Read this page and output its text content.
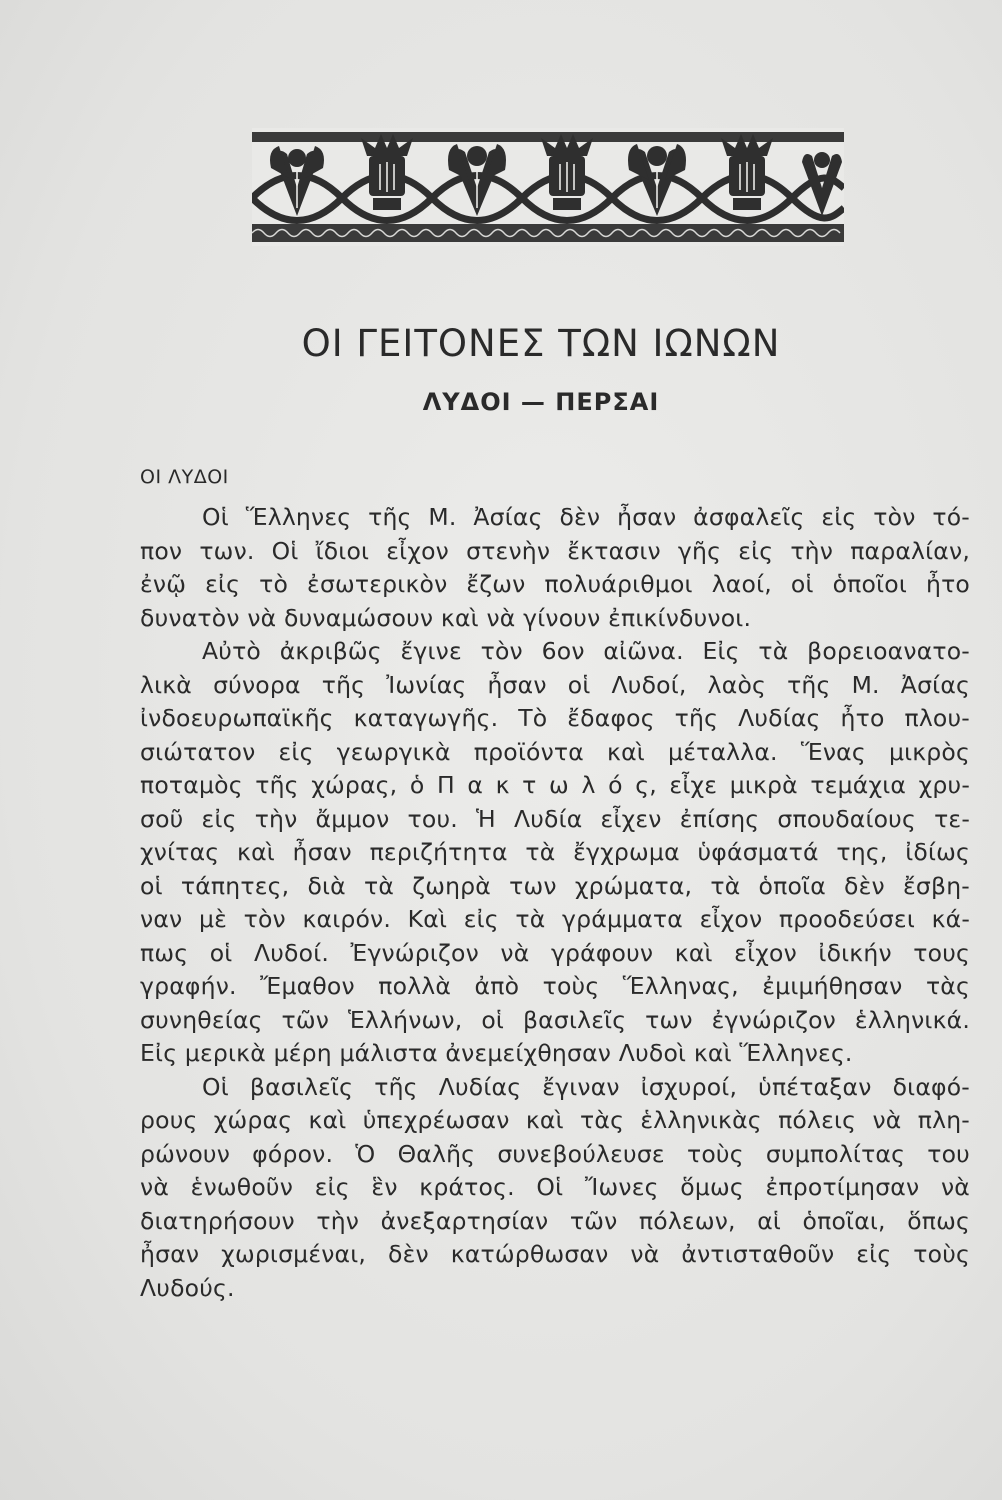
ΟΙ ΓΕΙΤΟΝΕΣ ΤΩΝ ΙΩΝΩΝ
ΛΥΔΟΙ — ΠΕΡΣΑΙ
ΟΙ ΛΥΔΟΙ
Οἱ Ἕλληνες τῆς Μ. Ἀσίας δὲν ἦσαν ἀσφαλεῖς εἰς τὸν τό-
πον των. Οἱ ἴδιοι εἶχον στενὴν ἔκτασιν γῆς εἰς τὴν παραλίαν,
ἐνῷ εἰς τὸ ἐσωτερικὸν ἔζων πολυάριθμοι λαοί, οἱ ὁποῖοι ἦτο
δυνατὸν νὰ δυναμώσουν καὶ νὰ γίνουν ἐπικίνδυνοι.
Αὐτὸ ἀκριβῶς ἔγινε τὸν 6ον αἰῶνα. Εἰς τὰ βορειοανατο-
λικὰ σύνορα τῆς Ἰωνίας ἦσαν οἱ Λυδοί, λαὸς τῆς Μ. Ἀσίας
ἰνδοευρωπαϊκῆς καταγωγῆς. Τὸ ἔδαφος τῆς Λυδίας ἦτο πλου-
σιώτατον εἰς γεωργικὰ προϊόντα καὶ μέταλλα. Ἕνας μικρὸς
ποταμὸς τῆς χώρας, ὁ Π α κ τ ω λ ό ς, εἶχε μικρὰ τεμάχια χρυ-
σοῦ εἰς τὴν ἄμμον του. Ἡ Λυδία εἶχεν ἐπίσης σπουδαίους τε-
χνίτας καὶ ἦσαν περιζήτητα τὰ ἔγχρωμα ὑφάσματά της, ἰδίως
οἱ τάπητες, διὰ τὰ ζωηρὰ των χρώματα, τὰ ὁποῖα δὲν ἔσβη-
ναν μὲ τὸν καιρόν. Καὶ εἰς τὰ γράμματα εἶχον προοδεύσει κά-
πως οἱ Λυδοί. Ἐγνώριζον νὰ γράφουν καὶ εἶχον ἰδικήν τους
γραφήν. Ἔμαθον πολλὰ ἀπὸ τοὺς Ἕλληνας, ἐμιμήθησαν τὰς
συνηθείας τῶν Ἑλλήνων, οἱ βασιλεῖς των ἐγνώριζον ἑλληνικά.
Εἰς μερικὰ μέρη μάλιστα ἀνεμείχθησαν Λυδοὶ καὶ Ἕλληνες.
Οἱ βασιλεῖς τῆς Λυδίας ἔγιναν ἰσχυροί, ὑπέταξαν διαφό-
ρους χώρας καὶ ὑπεχρέωσαν καὶ τὰς ἑλληνικὰς πόλεις νὰ πλη-
ρώνουν φόρον. Ὁ Θαλῆς συνεβούλευσε τοὺς συμπολίτας του
νὰ ἑνωθοῦν εἰς ἓν κράτος. Οἱ Ἴωνες ὅμως ἐπροτίμησαν νὰ
διατηρήσουν τὴν ἀνεξαρτησίαν τῶν πόλεων, αἱ ὁποῖαι, ὅπως
ἦσαν χωρισμέναι, δὲν κατώρθωσαν νὰ ἀντισταθοῦν εἰς τοὺς
Λυδούς.
